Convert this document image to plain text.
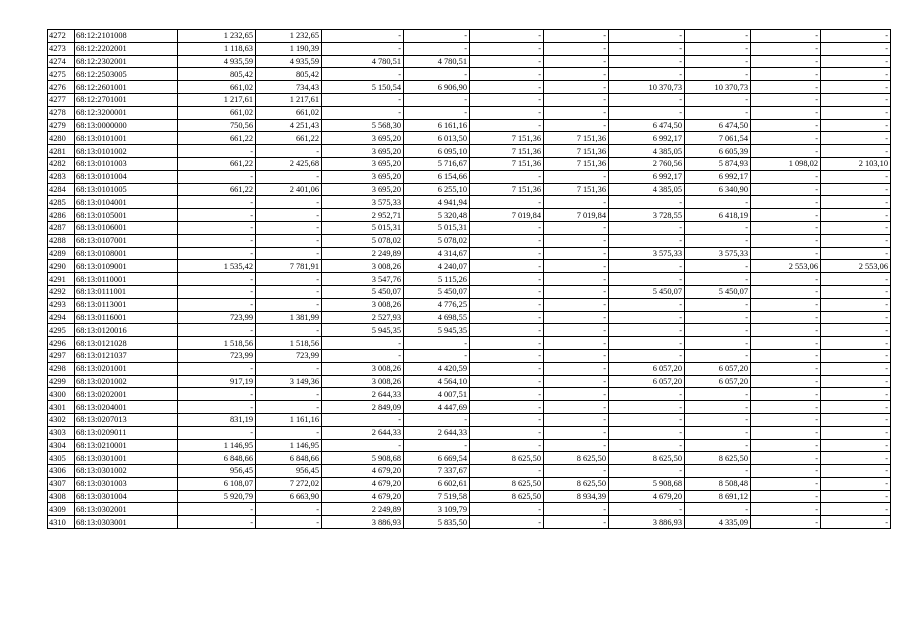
4272	68:12:2101008	1 232,65	1 232,65	-	-	-	-	-	-	-	-
4273	68:12:2202001	1 118,63	1 190,39	-	-	-	-	-	-	-	-
4274	68:12:2302001	4 935,59	4 935,59	4 780,51	4 780,51	-	-	-	-	-	-
4275	68:12:2503005	805,42	805,42	-	-	-	-	-	-	-	-
4276	68:12:2601001	661,02	734,43	5 150,54	6 906,90	-	-	10 370,73	10 370,73	-	-
4277	68:12:2701001	1 217,61	1 217,61	-	-	-	-	-	-	-	-
4278	68:12:3200001	661,02	661,02	-	-	-	-	-	-	-	-
4279	68:13:0000000	750,56	4 251,43	5 568,30	6 161,16	-	-	6 474,50	6 474,50	-	-
4280	68:13:0101001	661,22	661,22	3 695,20	6 013,50	7 151,36	7 151,36	6 992,17	7 061,54	-	-
4281	68:13:0101002	-	-	3 695,20	6 095,10	7 151,36	7 151,36	4 385,05	6 605,39	-	-
4282	68:13:0101003	661,22	2 425,68	3 695,20	5 716,67	7 151,36	7 151,36	2 760,56	5 874,93	1 098,02	2 103,10
4283	68:13:0101004	-	-	3 695,20	6 154,66	-	-	6 992,17	6 992,17	-	-
4284	68:13:0101005	661,22	2 401,06	3 695,20	6 255,10	7 151,36	7 151,36	4 385,05	6 340,90	-	-
4285	68:13:0104001	-	-	3 575,33	4 941,94	-	-	-	-	-	-
4286	68:13:0105001	-	-	2 952,71	5 320,48	7 019,84	7 019,84	3 728,55	6 418,19	-	-
4287	68:13:0106001	-	-	5 015,31	5 015,31	-	-	-	-	-	-
4288	68:13:0107001	-	-	5 078,02	5 078,02	-	-	-	-	-	-
4289	68:13:0108001	-	-	2 249,89	4 314,67	-	-	3 575,33	3 575,33	-	-
4290	68:13:0109001	1 535,42	7 781,91	3 008,26	4 240,07	-	-	-	-	2 553,06	2 553,06
4291	68:13:0110001	-	-	3 547,76	5 115,26	-	-	-	-	-	-
4292	68:13:0111001	-	-	5 450,07	5 450,07	-	-	5 450,07	5 450,07	-	-
4293	68:13:0113001	-	-	3 008,26	4 776,25	-	-	-	-	-	-
4294	68:13:0116001	723,99	1 381,99	2 527,93	4 698,55	-	-	-	-	-	-
4295	68:13:0120016	-	-	5 945,35	5 945,35	-	-	-	-	-	-
4296	68:13:0121028	1 518,56	1 518,56	-	-	-	-	-	-	-	-
4297	68:13:0121037	723,99	723,99	-	-	-	-	-	-	-	-
4298	68:13:0201001	-	-	3 008,26	4 420,59	-	-	6 057,20	6 057,20	-	-
4299	68:13:0201002	917,19	3 149,36	3 008,26	4 564,10	-	-	6 057,20	6 057,20	-	-
4300	68:13:0202001	-	-	2 644,33	4 007,51	-	-	-	-	-	-
4301	68:13:0204001	-	-	2 849,09	4 447,69	-	-	-	-	-	-
4302	68:13:0207013	831,19	1 161,16	-	-	-	-	-	-	-	-
4303	68:13:0209011	-	-	2 644,33	2 644,33	-	-	-	-	-	-
4304	68:13:0210001	1 146,95	1 146,95	-	-	-	-	-	-	-	-
4305	68:13:0301001	6 848,66	6 848,66	5 908,68	6 669,54	8 625,50	8 625,50	8 625,50	8 625,50	-	-
4306	68:13:0301002	956,45	956,45	4 679,20	7 337,67	-	-	-	-	-	-
4307	68:13:0301003	6 108,07	7 272,02	4 679,20	6 602,61	8 625,50	8 625,50	5 908,68	8 508,48	-	-
4308	68:13:0301004	5 920,79	6 663,90	4 679,20	7 519,58	8 625,50	8 934,39	4 679,20	8 691,12	-	-
4309	68:13:0302001	-	-	2 249,89	3 109,79	-	-	-	-	-	-
4310	68:13:0303001	-	-	3 886,93	5 835,50	-	-	3 886,93	4 335,09	-	-
